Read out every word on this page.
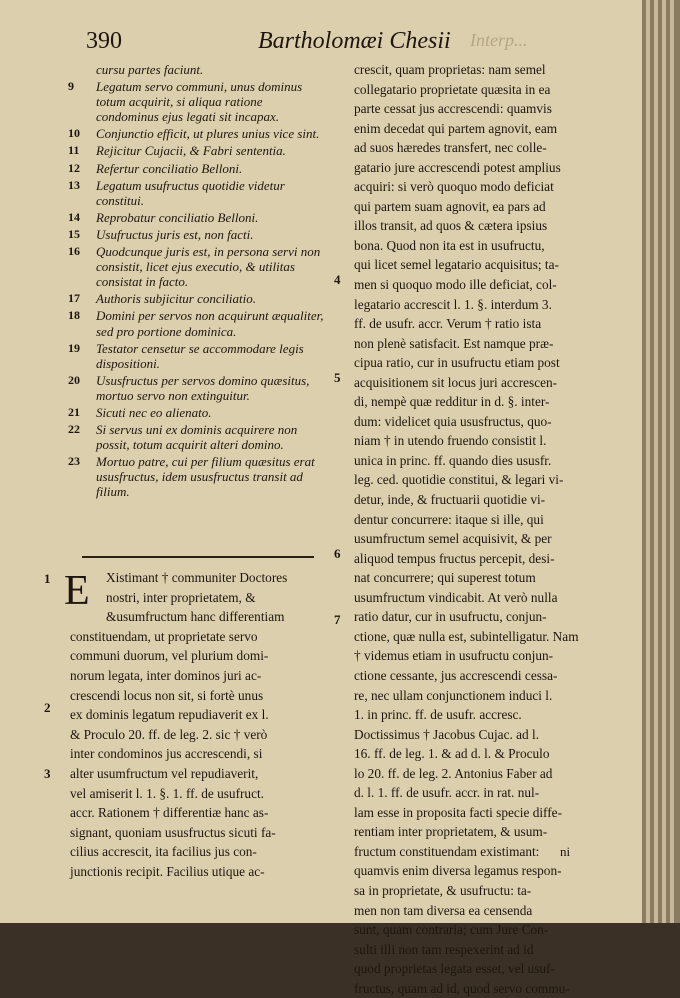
390	Bartholomæi Chesii Interp...
cursu partes faciunt.
9 Legatum servo communi, unus dominus totum acquirit, si aliqua ratione condominus ejus legati sit incapax.
10 Conjunctio efficit, ut plures unius vice sint.
11 Rejicitur Cujacii, & Fabri sententia.
12 Refertur conciliatio Belloni.
13 Legatum usufructus quotidie videtur constitui.
14 Reprobatur conciliatio Belloni.
15 Usufructus juris est, non facti.
16 Quodcunque juris est, in persona servi non consistit, licet ejus executio, & utilitas consistat in facto.
17 Authoris subjicitur conciliatio.
18 Domini per servos non acquirunt æqualiter, sed pro portione dominica.
19 Testator censetur se accommodare legis dispositioni.
20 Ususfructus per servos domino quæsitus, mortuo servo non extinguitur.
21 Sicuti nec eo alienato.
22 Si servus uni ex dominis acquirere non possit, totum acquirit alteri domino.
23 Mortuo patre, cui per filium quæsitus erat ususfructus, idem ususfructus transit ad filium.
E	Xistimant † communiter Doctores
nostri, inter proprietatem, &
&usumfructum hanc differentiam
constituendam, ut proprietate servo
communi duorum, vel plurium domi-
norum legata, inter dominos juri ac-
crescendi locus non sit, si fortè unus
ex dominis legatum repudiaverit ex l.
& Proculo 20. ff. de leg. 2. sic † verò
inter condominos jus accrescendi, si
alter usumfructum vel repudiaverit,
vel amiserit l. 1. §. 1. ff. de usufruct.
accr. Rationem † differentiæ hanc as-
signant, quoniam ususfructus sicuti fa-
cilius accrescit, ita facilius jus con-
junctionis recipit. Facilius utique ac-
crescit, quam proprietas: nam semel
collegatario proprietate quæsita in ea
parte cessat jus accrescendi: quamvis
enim decedat qui partem agnovit, eam
ad suos hæredes transfert, nec colle-
gatario jure accrescendi potest amplius
acquiri: si verò quoquo modo deficiat
qui partem suam agnovit, ea pars ad
illos transit, ad quos & cætera ipsius
bona. Quod non ita est in usufructu,
qui licet semel legatario acquisitus; ta-
men si quoquo modo ille deficiat, col-
legatario accrescit l. 1. §. interdum 3.
ff. de usufr. accr. Verum † ratio ista
non plenè satisfacit. Est namque præ-
cipua ratio, cur in usufructu etiam post
acquisitionem sit locus juri accrescen-
di, nempè quæ redditur in d. §. inter-
dum: videlicet quia ususfructus, quo-
niam † in utendo fruendo consistit l.
unica in princ. ff. quando dies ususfr.
leg. ced. quotidie constitui, & legari vi-
detur, inde, & fructuarii quotidie vi-
dentur concurrere: itaque si ille, qui
usumfructum semel acquisivit, & per
aliquod tempus fructus percepit, desi-
nat concurrere; qui superest totum
usumfructum vindicabit. At verò nulla
ratio datur, cur in usufructu, conjun-
ctione, quæ nulla est, subintelligatur. Nam
† videmus etiam in usufructu conjun-
ctione cessante, jus accrescendi cessa-
re, nec ullam conjunctionem induci l.
1. in princ. ff. de usufr. accresc.
Doctissimus † Jacobus Cujac. ad l.
16. ff. de leg. 1. & ad d. l. & Proculo
lo 20. ff. de leg. 2. Antonius Faber ad
d. l. 1. ff. de usufr. accr. in rat. nul-
lam esse in proposita facti specie diffe-
rentiam inter proprietatem, & usum-
fructum constituendam existimant:
quamvis enim diversa legamus respon-
sa in proprietate, & usufructu: ta-
men non tam diversa ea censenda
sunt, quam contraria; cum Jure Con-
sulti illi non tam respexerint ad id
quod proprietas legata esset, vel usuf-
fructus, quam ad id, quod servo commu-
ni
1
2
3
4
5
6
7
